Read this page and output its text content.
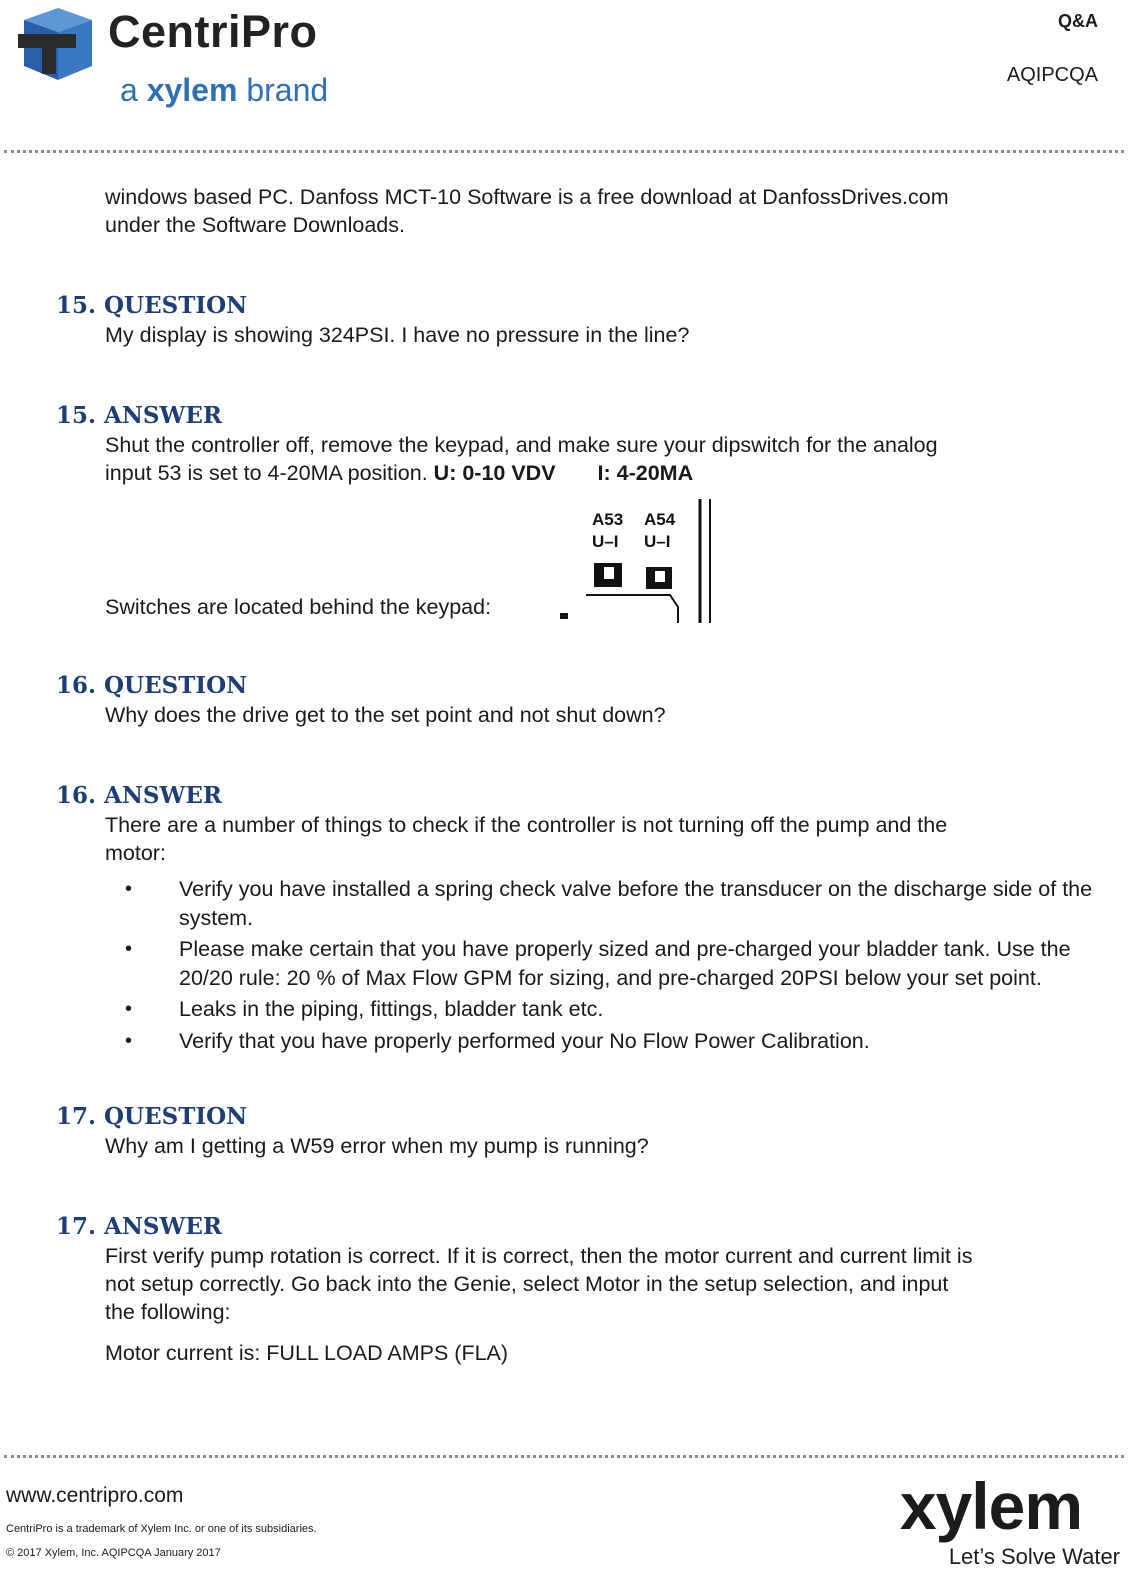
CentriPro
a xylem brand
Q&A
AQIPCQA

windows based PC. Danfoss MCT-10 Software is a free download at DanfossDrives.com
under the Software Downloads.

15. QUESTION

My display is showing 324PSI. I have no pressure in the line?

15. ANSWER

Shut the controller off, remove the keypad, and make sure your dipswitch for the analog
input 53 is set to 4-20MA position. U: 0-10 VDV I: 4-20MA

Switches are located behind the keypad:
A53
U–I
A54
U–I
16. QUESTION

Why does the drive get to the set point and not shut down?

16. ANSWER

There are a number of things to check if the controller is not turning off the pump and the
motor:

• Verify you have installed a spring check valve before the transducer on the discharge side of the system.
• Please make certain that you have properly sized and pre-charged your bladder tank. Use the 20/20 rule: 20 % of Max Flow GPM for sizing, and pre-charged 20PSI below your set point.
• Leaks in the piping, fittings, bladder tank etc.
• Verify that you have properly performed your No Flow Power Calibration.
17. QUESTION

Why am I getting a W59 error when my pump is running?

17. ANSWER

First verify pump rotation is correct. If it is correct, then the motor current and current limit is
not setup correctly. Go back into the Genie, select Motor in the setup selection, and input
the following:

Motor current is: FULL LOAD AMPS (FLA)

www.centripro.com
CentriPro is a trademark of Xylem Inc. or one of its subsidiaries.
© 2017 Xylem, Inc. AQIPCQA January 2017
xylem
Let’s Solve Water
